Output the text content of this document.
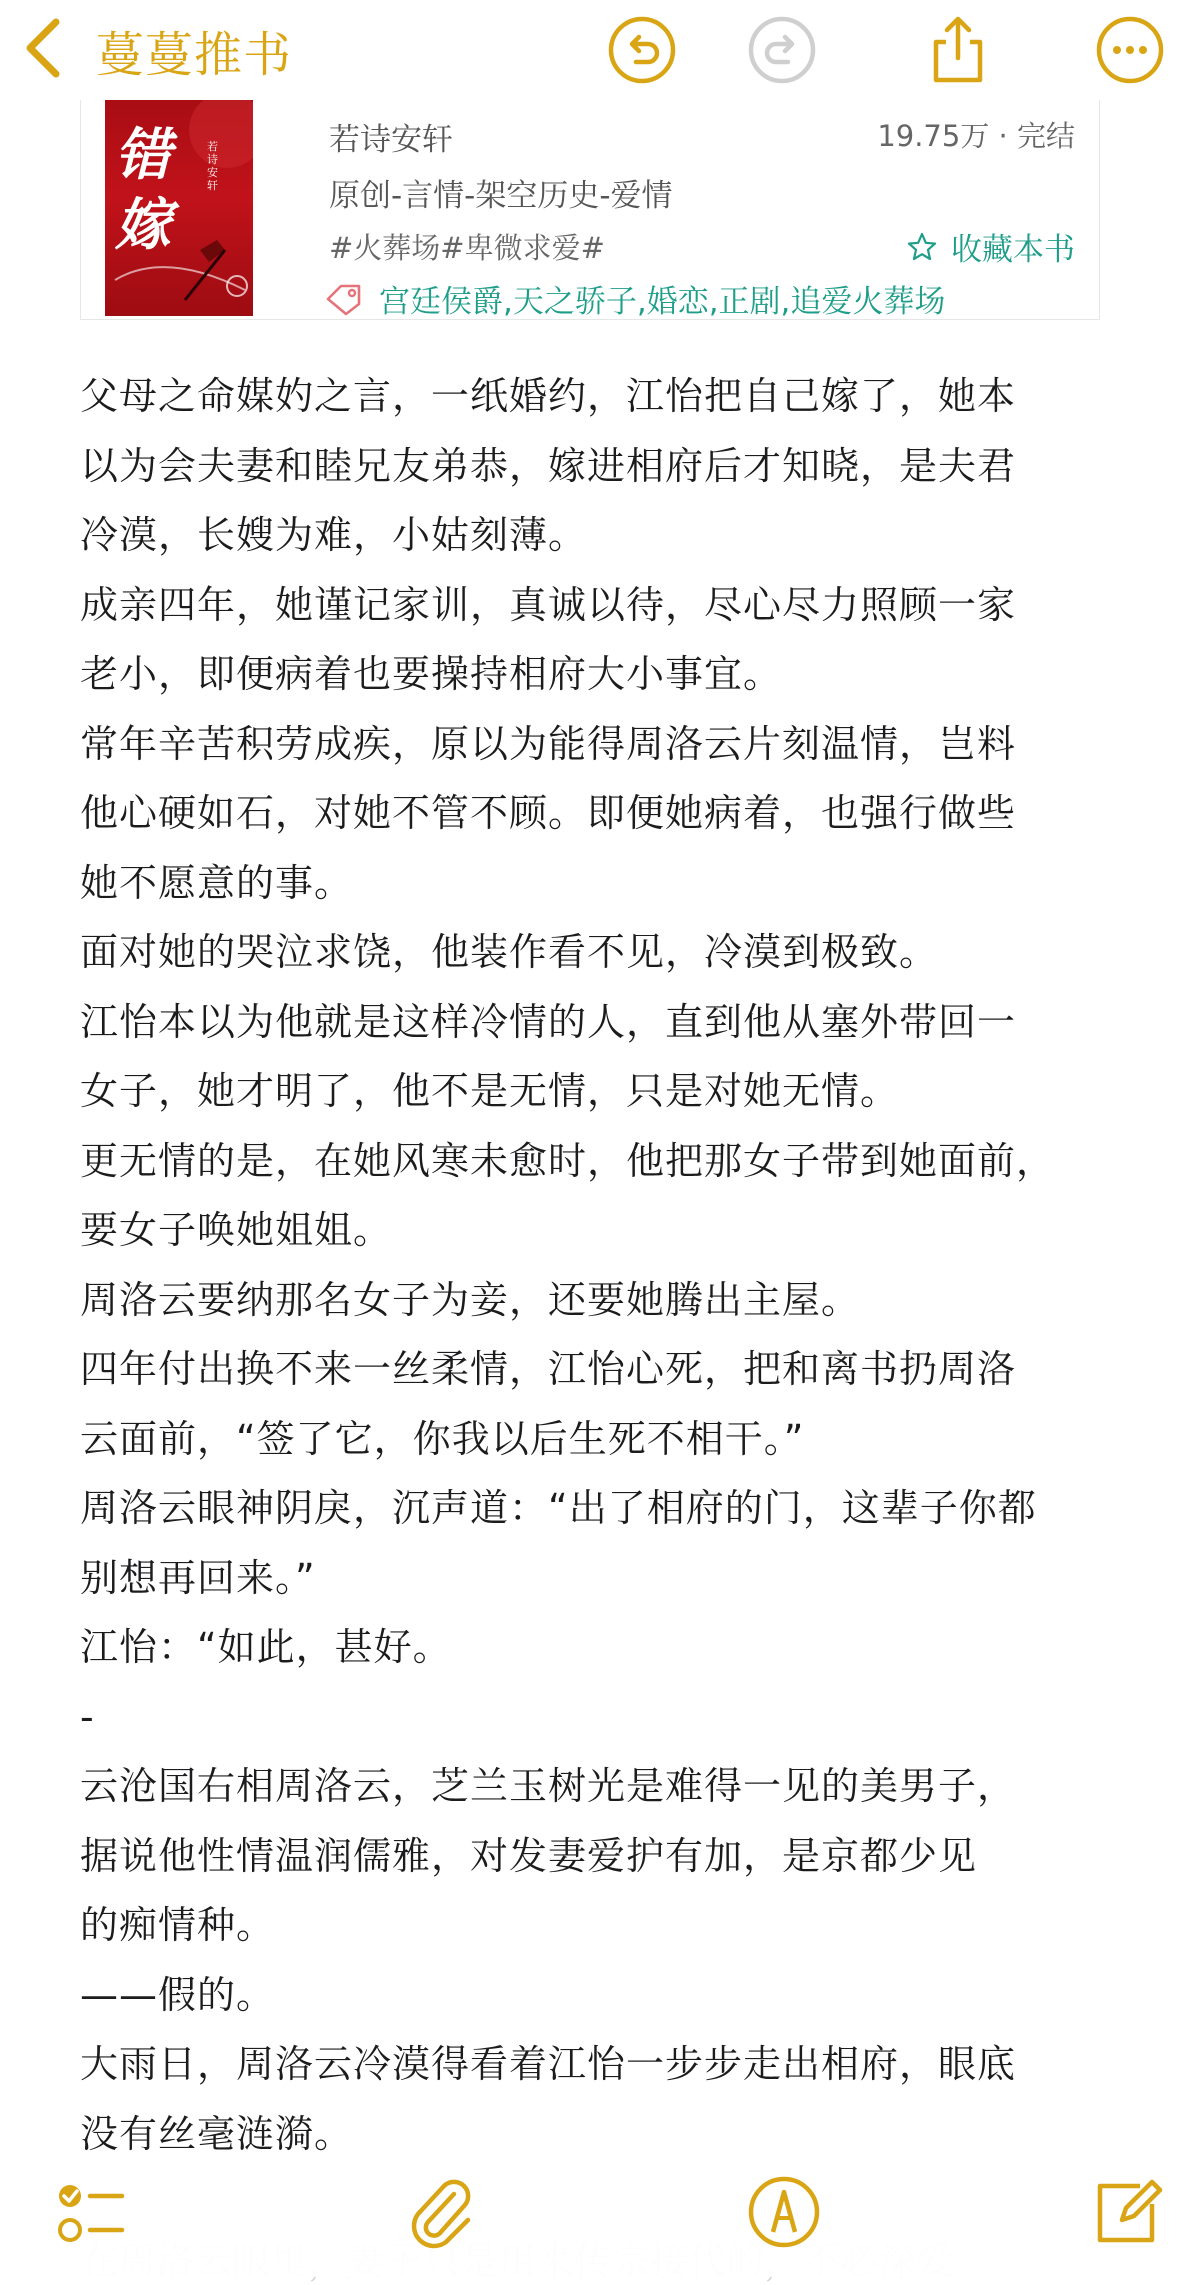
蔓蔓推书
错嫁
若诗安轩
若诗安轩	19.75万 · 完结
原创-言情-架空历史-爱情
#火葬场#卑微求爱#	收藏本书
宫廷侯爵,天之骄子,婚恋,正剧,追爱火葬场

父母之命媒妁之言，一纸婚约，江怡把自己嫁了，她本

以为会夫妻和睦兄友弟恭，嫁进相府后才知晓，是夫君

冷漠，长嫂为难，小姑刻薄。

成亲四年，她谨记家训，真诚以待，尽心尽力照顾一家

老小，即便病着也要操持相府大小事宜。

常年辛苦积劳成疾，原以为能得周洛云片刻温情，岂料

他心硬如石，对她不管不顾。即便她病着，也强行做些

她不愿意的事。

面对她的哭泣求饶，他装作看不见，冷漠到极致。

江怡本以为他就是这样冷情的人，直到他从塞外带回一

女子，她才明了，他不是无情，只是对她无情。

更无情的是，在她风寒未愈时，他把那女子带到她面前，

要女子唤她姐姐。

周洛云要纳那名女子为妾，还要她腾出主屋。

四年付出换不来一丝柔情，江怡心死，把和离书扔周洛

云面前，“签了它，你我以后生死不相干。”

周洛云眼神阴戾，沉声道：“出了相府的门，这辈子你都

别想再回来。”

江怡：“如此，甚好。

-

云沧国右相周洛云，芝兰玉树光是难得一见的美男子，

据说他性情温润儒雅，对发妻爱护有加，是京都少见

的痴情种。

——假的。

大雨日，周洛云冷漠得看着江怡一步步走出相府，眼底

没有丝毫涟漪。
